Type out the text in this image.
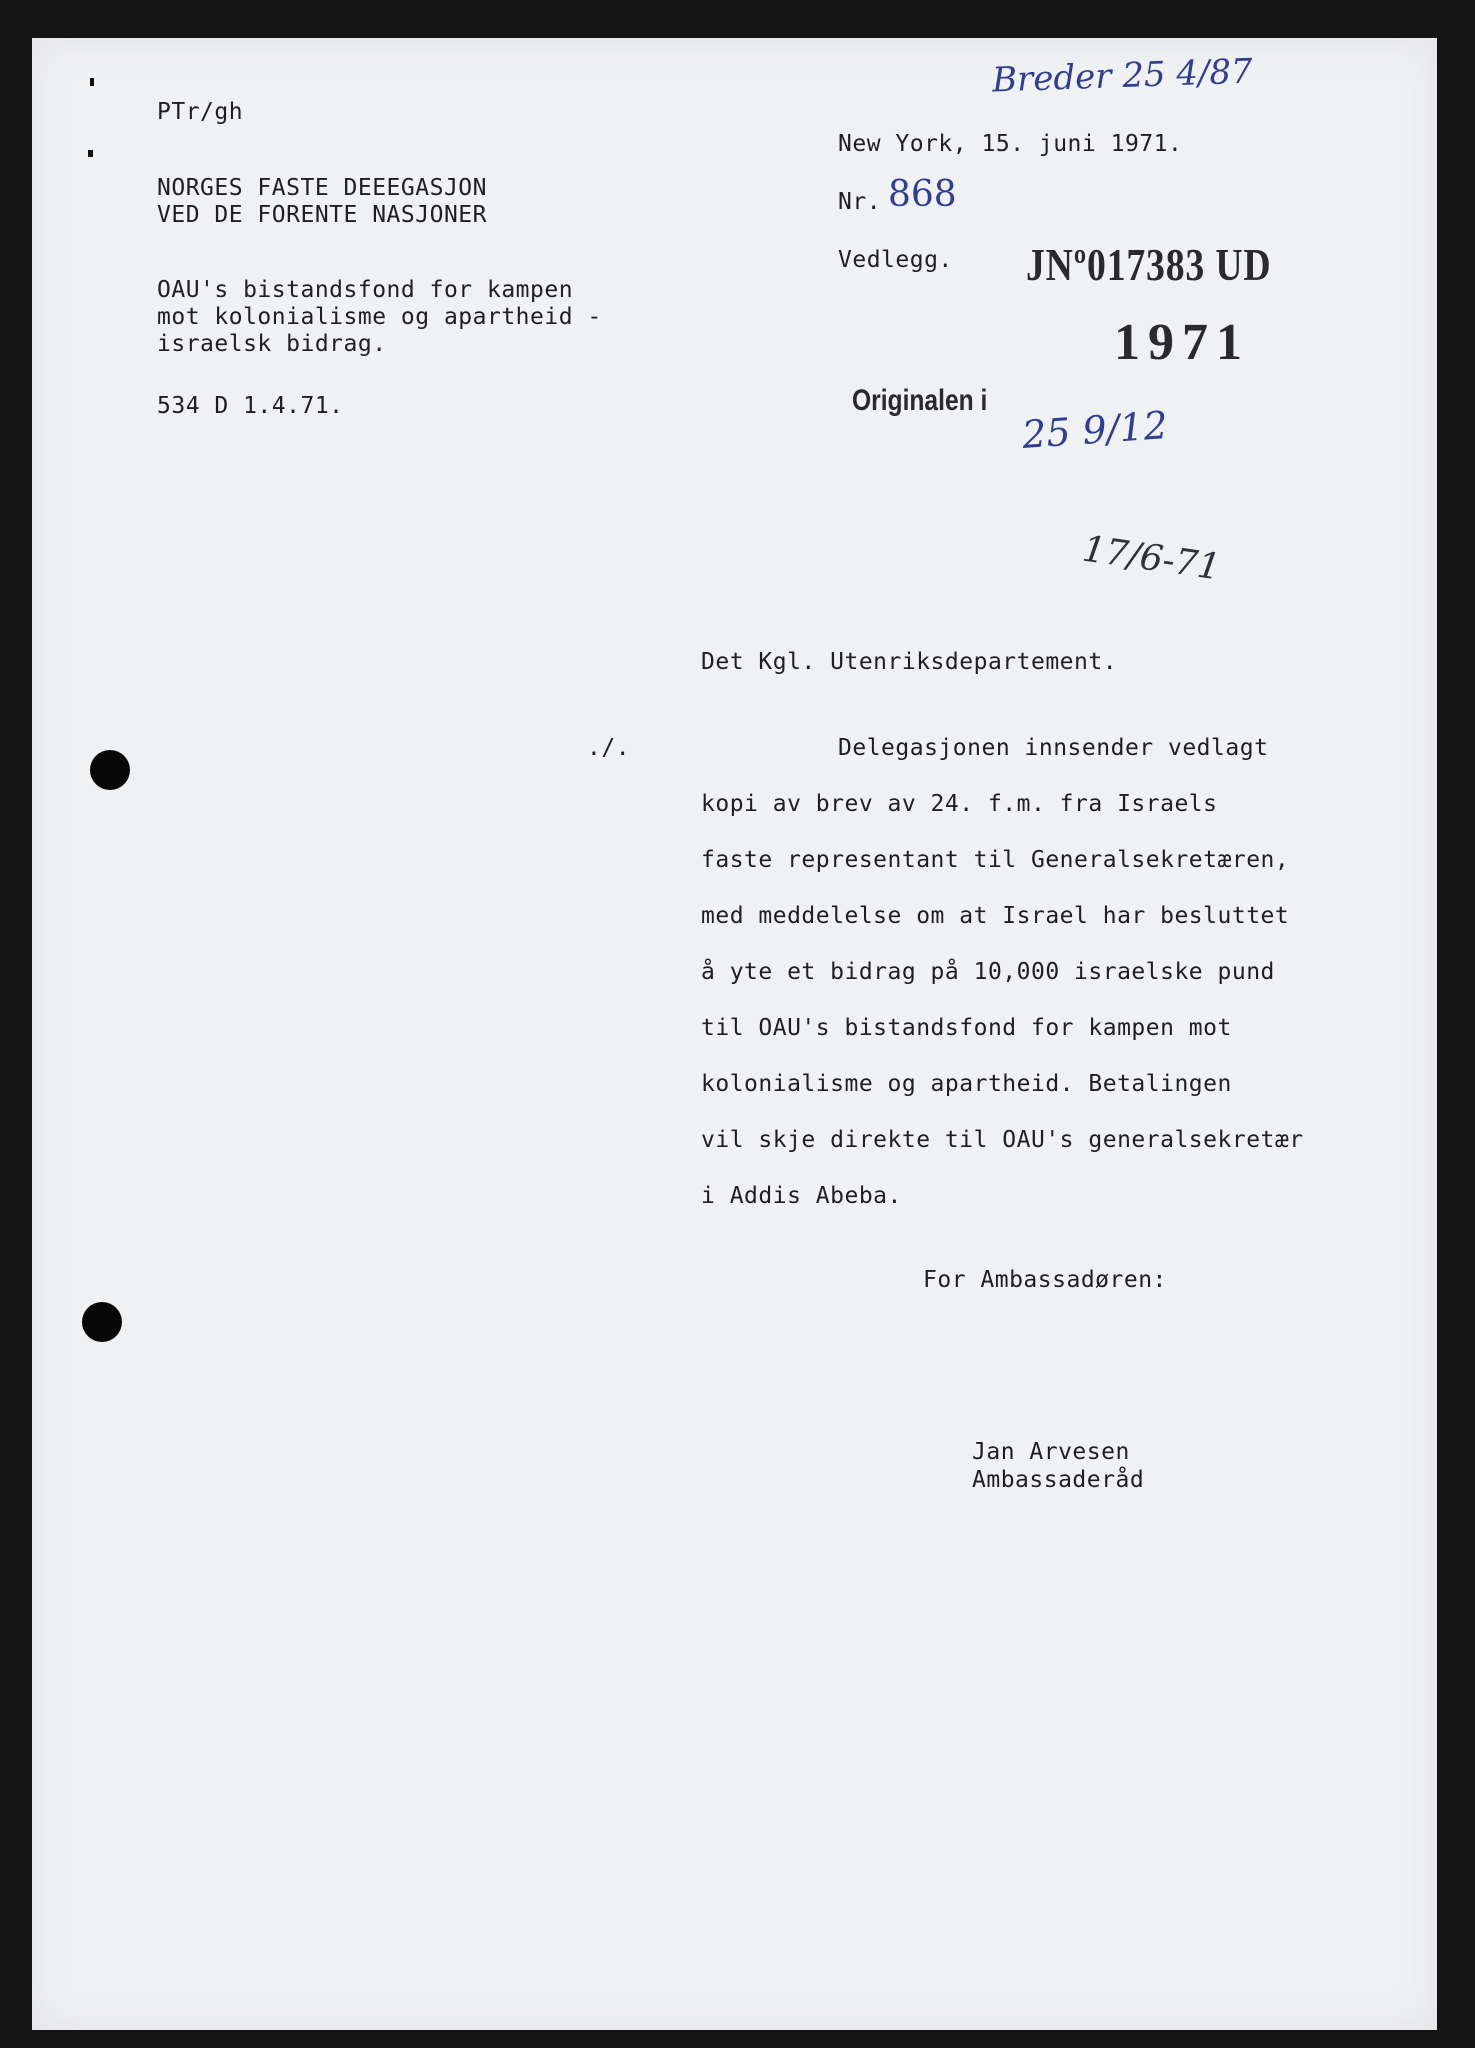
PTr/gh
NORGES FASTE DEEEGASJON
VED DE FORENTE NASJONER
OAU's bistandsfond for kampen
mot kolonialisme og apartheid -
israelsk bidrag.
534 D 1.4.71.
Breder 25 4/87
New York, 15. juni 1971.
Nr. 868
Vedlegg. JNº017383 UD
1971
Originalen i
25 9/12
17/6-71
Det Kgl. Utenriksdepartement.
./.	Delegasjonen innsender vedlagt
kopi av brev av 24. f.m. fra Israels
faste representant til Generalsekretæren,
med meddelelse om at Israel har besluttet
å yte et bidrag på 10,000 israelske pund
til OAU's bistandsfond for kampen mot
kolonialisme og apartheid. Betalingen
vil skje direkte til OAU's generalsekretær
i Addis Abeba.
For Ambassadøren:
Jan Arvesen
Ambassaderåd
